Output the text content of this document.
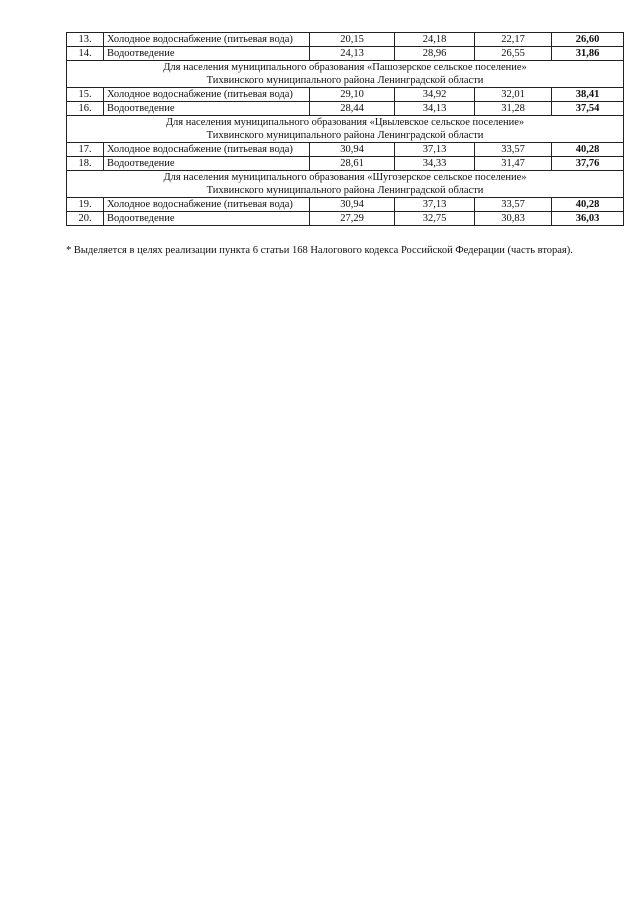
13.	Холодное водоснабжение (питьевая вода)	20,15	24,18	22,17	26,60
14.	Водоотведение	24,13	28,96	26,55	31,86

Для населения муниципального образования «Пашозерское сельское поселение»
Тихвинского муниципального района Ленинградской области					

15.	Холодное водоснабжение (питьевая вода)	29,10	34,92	32,01	38,41
16.	Водоотведение	28,44	34,13	31,28	37,54

Для населения муниципального образования «Цвылевское сельское поселение»
Тихвинского муниципального района Ленинградской области					

17.	Холодное водоснабжение (питьевая вода)	30,94	37,13	33,57	40,28
18.	Водоотведение	28,61	34,33	31,47	37,76

Для населения муниципального образования «Шугозерское сельское поселение»
Тихвинского муниципального района Ленинградской области					

19.	Холодное водоснабжение (питьевая вода)	30,94	37,13	33,57	40,28
20.	Водоотведение	27,29	32,75	30,83	36,03
* Выделяется в целях реализации пункта 6 статьи 168 Налогового кодекса Российской Федерации (часть вторая).
